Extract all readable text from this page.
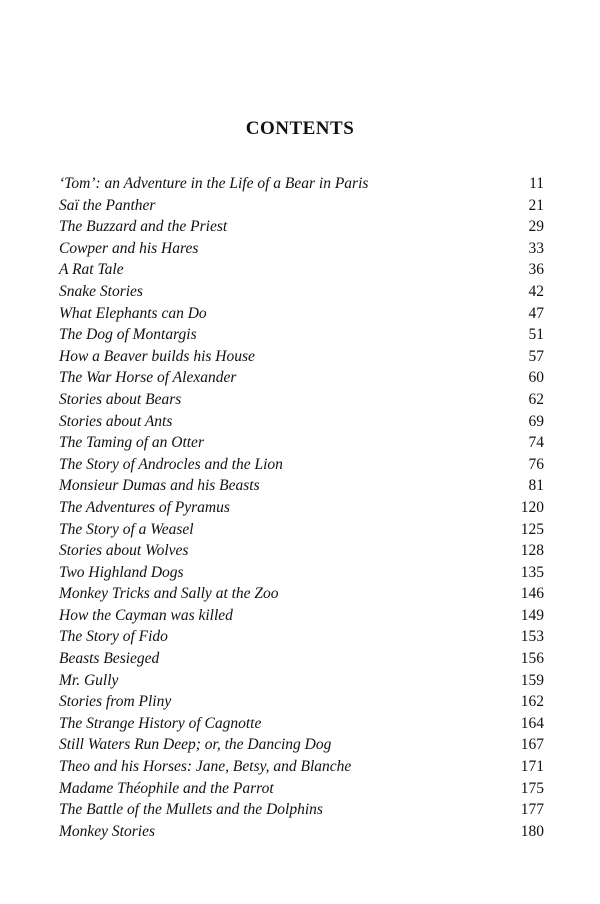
CONTENTS
‘Tom’: an Adventure in the Life of a Bear in Paris	11
Saï the Panther	21
The Buzzard and the Priest	29
Cowper and his Hares	33
A Rat Tale	36
Snake Stories	42
What Elephants can Do	47
The Dog of Montargis	51
How a Beaver builds his House	57
The War Horse of Alexander	60
Stories about Bears	62
Stories about Ants	69
The Taming of an Otter	74
The Story of Androcles and the Lion	76
Monsieur Dumas and his Beasts	81
The Adventures of Pyramus	120
The Story of a Weasel	125
Stories about Wolves	128
Two Highland Dogs	135
Monkey Tricks and Sally at the Zoo	146
How the Cayman was killed	149
The Story of Fido	153
Beasts Besieged	156
Mr. Gully	159
Stories from Pliny	162
The Strange History of Cagnotte	164
Still Waters Run Deep; or, the Dancing Dog	167
Theo and his Horses: Jane, Betsy, and Blanche	171
Madame Théophile and the Parrot	175
The Battle of the Mullets and the Dolphins	177
Monkey Stories	180
